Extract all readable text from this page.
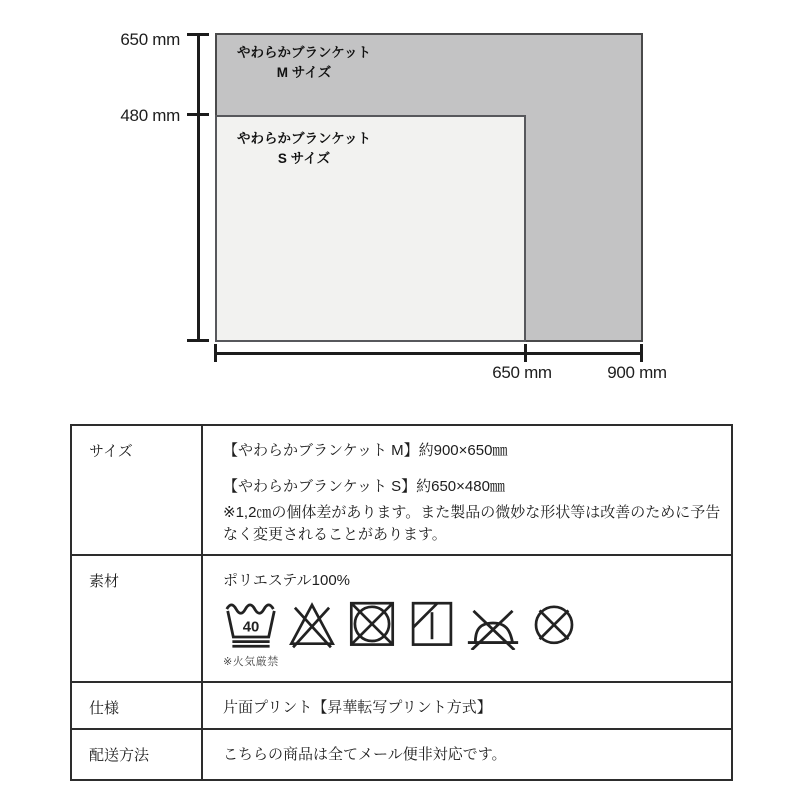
やわらかブランケット
M サイズ
やわらかブランケット
S サイズ
650 mm
480 mm
650 mm	900 mm
サイズ	【やわらかブランケット M】約900×650㎜

【やわらかブランケット S】約650×480㎜

※1,2㎝の個体差があります。また製品の微妙な形状等は改善のために予告なく変更されることがあります。

素材	ポリエステル100%

40
※火気厳禁

仕様	片面プリント【昇華転写プリント方式】

配送方法	こちらの商品は全てメール便非対応です。
